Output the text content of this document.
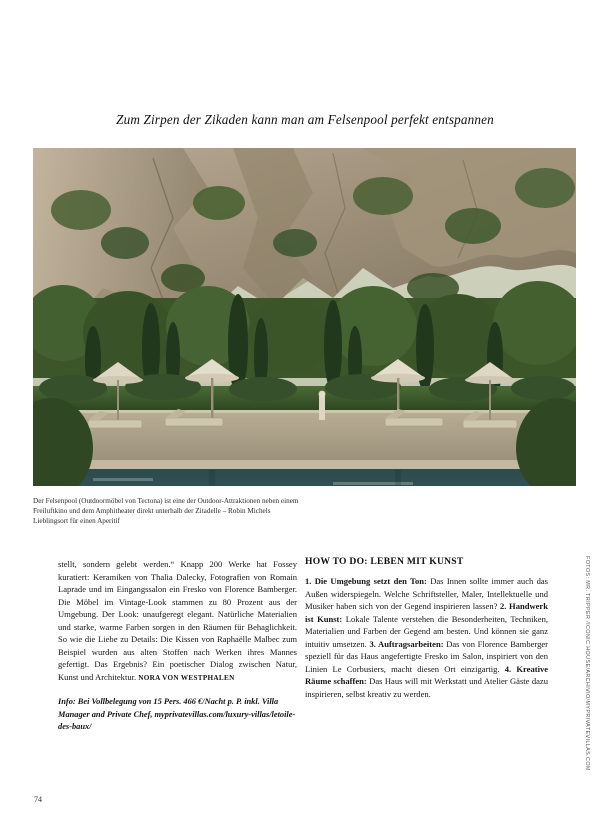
Zum Zirpen der Zikaden kann man am Felsenpool perfekt entspannen
Der Felsenpool (Outdoormöbel von Tectona) ist eine der Outdoor-Attraktionen neben einem Freiluftkino und dem Amphitheater direkt unterhalb der Zitadelle – Robin Michels Lieblingsort für einen Aperitif
stellt, sondern gelebt werden.“ Knapp 200 Werke hat Fossey kuratiert: Keramiken von Thalia Dalecky, Fotografien von Romain Laprade und im Eingangssalon ein Fresko von Florence Bamberger. Die Möbel im Vintage-Look stammen zu 80 Prozent aus der Umgebung. Der Look: unaufgeregt elegant. Natürliche Materialien und starke, warme Farben sorgen in den Räumen für Behaglichkeit. So wie die Liebe zu Details: Die Kissen von Raphaëlle Malbec zum Beispiel wurden aus alten Stoffen nach Werken ihres Mannes gefertigt. Das Ergebnis? Ein poetischer Dialog zwischen Natur, Kunst und Architektur. NORA VON WESTPHALEN
Info: Bei Vollbelegung von 15 Pers. 466 €/Nacht p. P. inkl. Villa Manager and Private Chef, myprivatevillas.com/luxury-villas/letoile-des-baux/
HOW TO DO: LEBEN MIT KUNST
1. Die Umgebung setzt den Ton: Das Innen sollte immer auch das Außen widerspiegeln. Welche Schriftsteller, Maler, Intellektuelle und Musiker haben sich von der Gegend inspirieren lassen? 2. Handwerk ist Kunst: Lokale Talente verstehen die Besonderheiten, Techniken, Materialien und Farben der Gegend am besten. Und können sie ganz intuitiv umsetzen. 3. Auftragsarbeiten: Das von Florence Bamberger speziell für das Haus angefertigte Fresko im Salon, inspiriert von den Linien Le Corbusiers, macht diesen Ort einzigartig. 4. Kreative Räume schaffen: Das Haus will mit Werkstatt und Atelier Gäste dazu inspirieren, selbst kreativ zu werden.	FOTOS: MR. TRIPPER /ICONIC HOUSE/ARCHIVIO/MYPRIVATEVILLAS.COM
74
